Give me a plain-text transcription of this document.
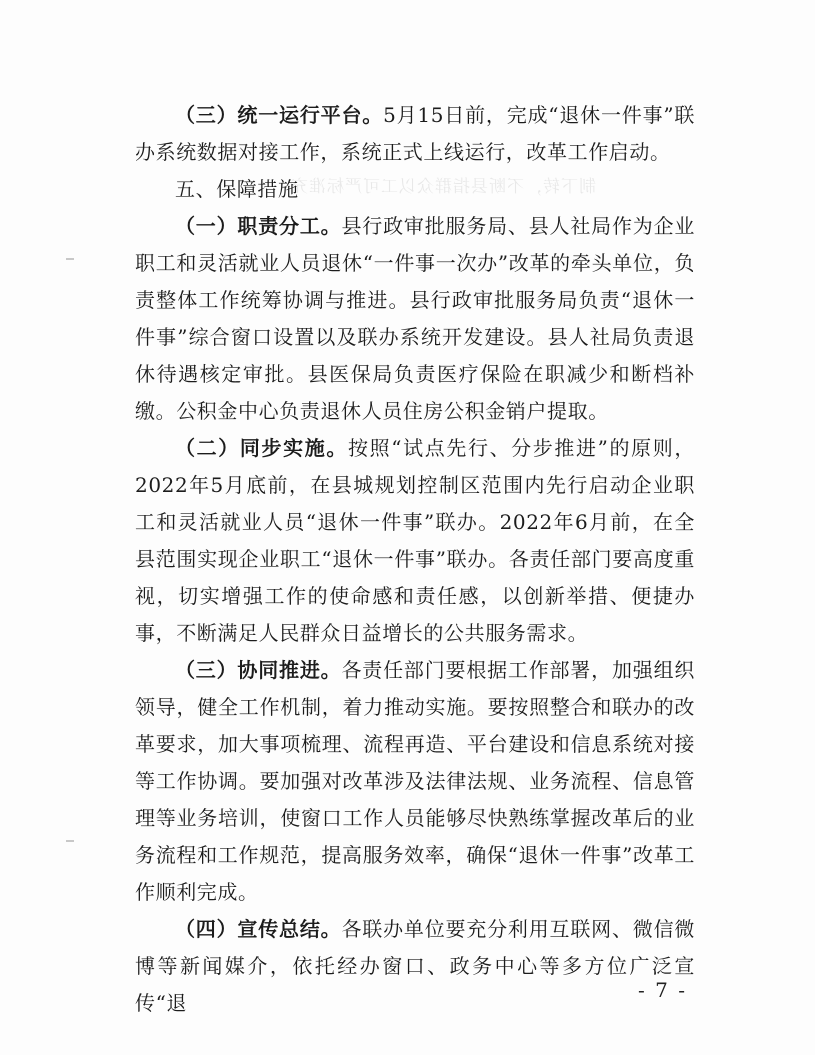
制下转，不断县指群众以工可严标准充

（三）统一运行平台。5月15日前，完成“退休一件事”联办系统数据对接工作，系统正式上线运行，改革工作启动。

五、保障措施

（一）职责分工。县行政审批服务局、县人社局作为企业职工和灵活就业人员退休“一件事一次办”改革的牵头单位，负责整体工作统筹协调与推进。县行政审批服务局负责“退休一件事”综合窗口设置以及联办系统开发建设。县人社局负责退休待遇核定审批。县医保局负责医疗保险在职减少和断档补缴。公积金中心负责退休人员住房公积金销户提取。

（二）同步实施。按照“试点先行、分步推进”的原则，2022年5月底前，在县城规划控制区范围内先行启动企业职工和灵活就业人员“退休一件事”联办。2022年6月前，在全县范围实现企业职工“退休一件事”联办。各责任部门要高度重视，切实增强工作的使命感和责任感，以创新举措、便捷办事，不断满足人民群众日益增长的公共服务需求。

（三）协同推进。各责任部门要根据工作部署，加强组织领导，健全工作机制，着力推动实施。要按照整合和联办的改革要求，加大事项梳理、流程再造、平台建设和信息系统对接等工作协调。要加强对改革涉及法律法规、业务流程、信息管理等业务培训，使窗口工作人员能够尽快熟练掌握改革后的业务流程和工作规范，提高服务效率，确保“退休一件事”改革工作顺利完成。

（四）宣传总结。各联办单位要充分利用互联网、微信微博等新闻媒介，依托经办窗口、政务中心等多方位广泛宣传“退

- 7 -
